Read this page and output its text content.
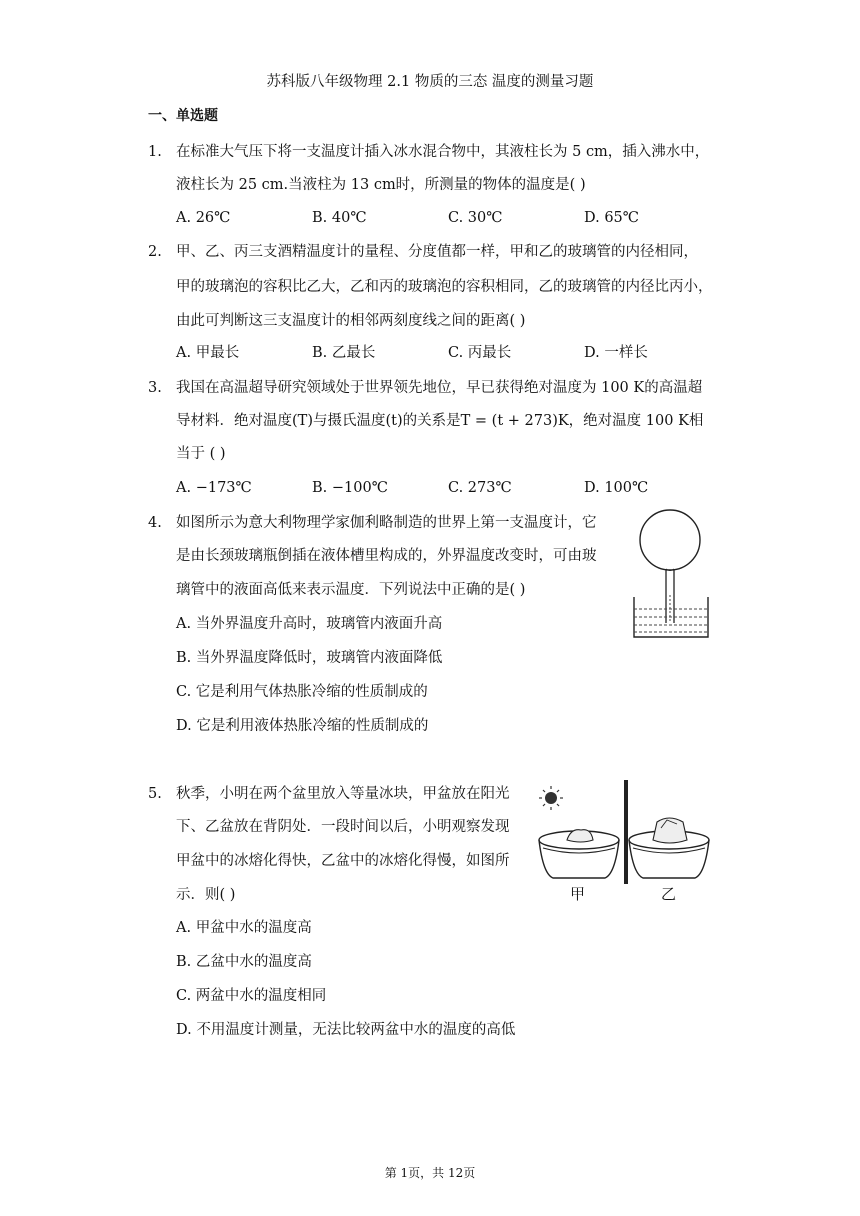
苏科版八年级物理 2.1 物质的三态 温度的测量习题
一、单选题
1. 在标准大气压下将一支温度计插入冰水混合物中，其液柱长为 5 cm，插入沸水中，
液柱长为 25 cm.当液柱为 13 cm时，所测量的物体的温度是( )
A. 26℃	B. 40℃	C. 30℃	D. 65℃
2. 甲、乙、丙三支酒精温度计的量程、分度值都一样，甲和乙的玻璃管的内径相同，
甲的玻璃泡的容积比乙大，乙和丙的玻璃泡的容积相同，乙的玻璃管的内径比丙小，
由此可判断这三支温度计的相邻两刻度线之间的距离( )
A. 甲最长	B. 乙最长	C. 丙最长	D. 一样长
3. 我国在高温超导研究领域处于世界领先地位，早已获得绝对温度为 100 K的高温超
导材料．绝对温度(T)与摄氏温度(t)的关系是T = (t + 273)K，绝对温度 100 K相
当于 ( )
A. −173℃	B. −100℃	C. 273℃	D. 100℃
4. 如图所示为意大利物理学家伽利略制造的世界上第一支温度计，它
是由长颈玻璃瓶倒插在液体槽里构成的，外界温度改变时，可由玻
璃管中的液面高低来表示温度．下列说法中正确的是( )
A. 当外界温度升高时，玻璃管内液面升高
B. 当外界温度降低时，玻璃管内液面降低
C. 它是利用气体热胀冷缩的性质制成的
D. 它是利用液体热胀冷缩的性质制成的
5. 秋季，小明在两个盆里放入等量冰块，甲盆放在阳光
下、乙盆放在背阴处．一段时间以后，小明观察发现
甲盆中的冰熔化得快，乙盆中的冰熔化得慢，如图所
示．则( )
A. 甲盆中水的温度高
B. 乙盆中水的温度高
C. 两盆中水的温度相同
D. 不用温度计测量，无法比较两盆中水的温度的高低
甲	乙
第 1页，共 12页
